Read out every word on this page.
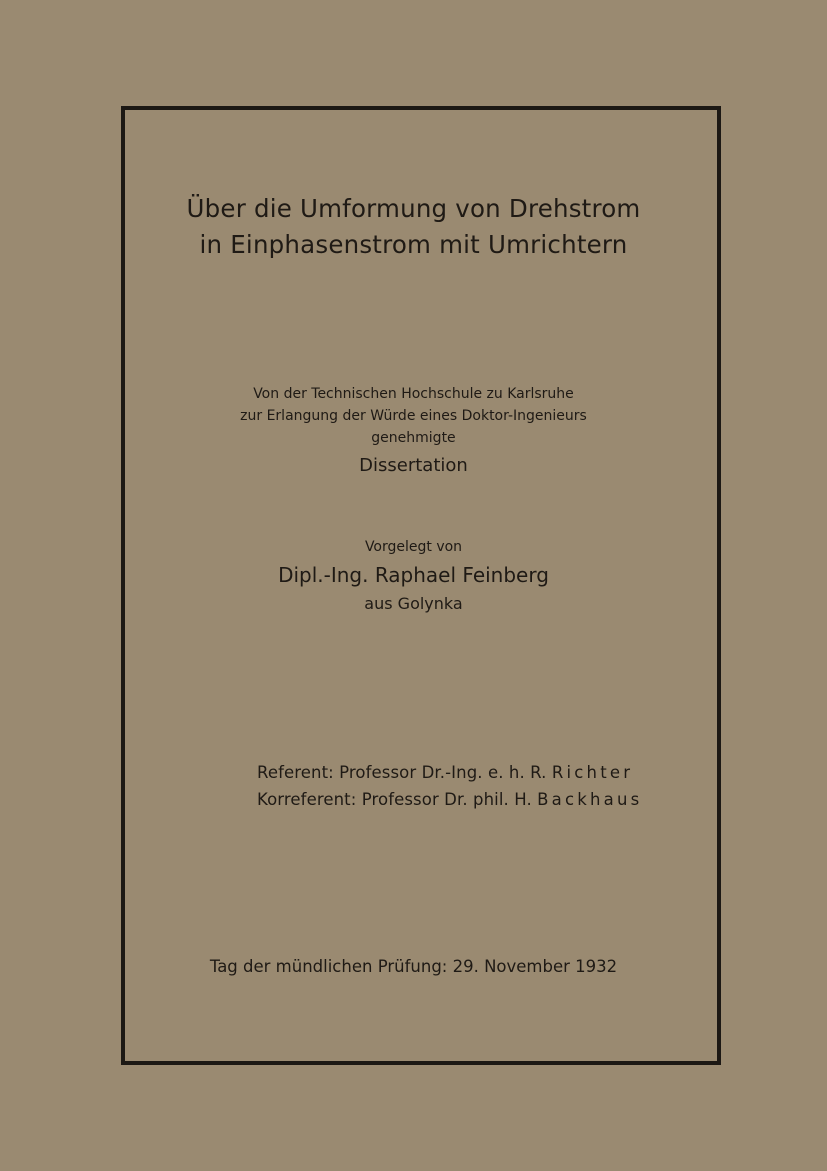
Über die Umformung von Drehstrom
in Einphasenstrom mit Umrichtern
Von der Technischen Hochschule zu Karlsruhe
zur Erlangung der Würde eines Doktor-Ingenieurs
genehmigte
Dissertation
Vorgelegt von
Dipl.-Ing. Raphael Feinberg
aus Golynka
Referent: Professor Dr.-Ing. e. h. R. Richter
Korreferent: Professor Dr. phil. H. Backhaus
Tag der mündlichen Prüfung: 29. November 1932
